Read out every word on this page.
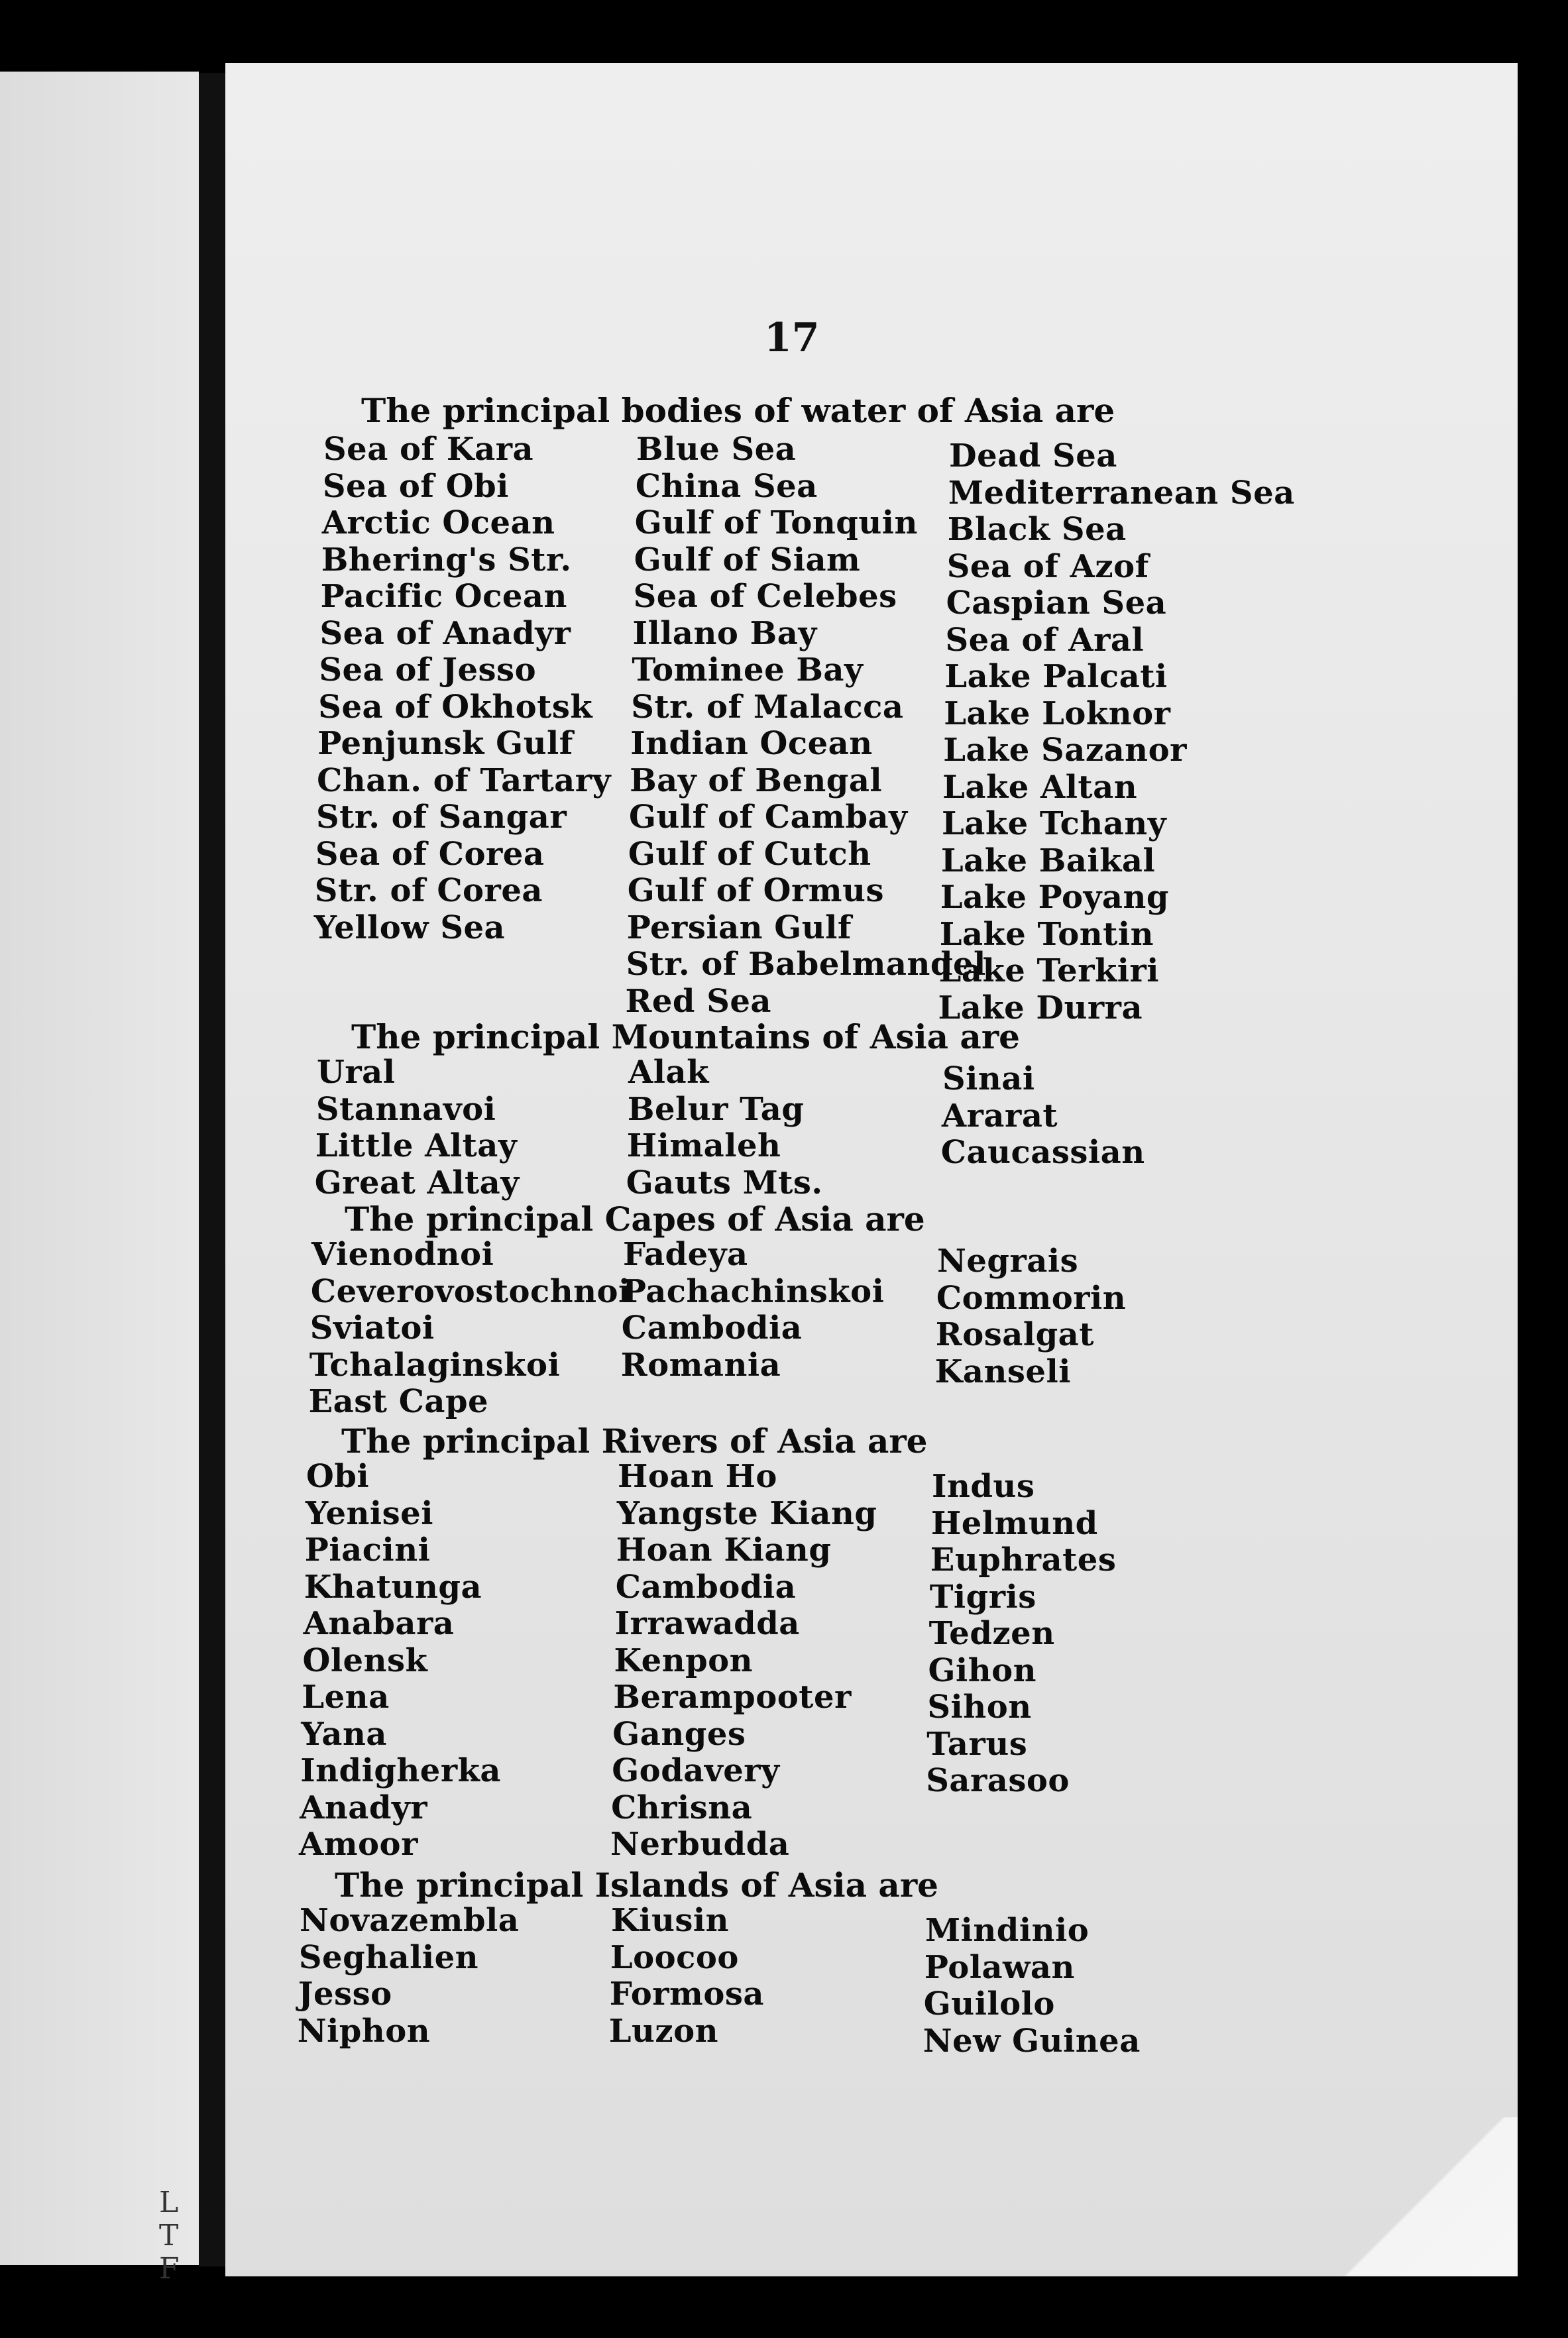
L
T
F
17
The principal bodies of water of Asia are
Sea of Kara
Sea of Obi
Arctic Ocean
Bhering's Str.
Pacific Ocean
Sea of Anadyr
Sea of Jesso
Sea of Okhotsk
Penjunsk Gulf
Chan. of Tartary
Str. of Sangar
Sea of Corea
Str. of Corea
Yellow Sea
Blue Sea
China Sea
Gulf of Tonquin
Gulf of Siam
Sea of Celebes
Illano Bay
Tominee Bay
Str. of Malacca
Indian Ocean
Bay of Bengal
Gulf of Cambay
Gulf of Cutch
Gulf of Ormus
Persian Gulf
Str. of Babelmandel
Red Sea
Dead Sea
Mediterranean Sea
Black Sea
Sea of Azof
Caspian Sea
Sea of Aral
Lake Palcati
Lake Loknor
Lake Sazanor
Lake Altan
Lake Tchany
Lake Baikal
Lake Poyang
Lake Tontin
Lake Terkiri
Lake Durra
The principal Mountains of Asia are
Ural
Stannavoi
Little Altay
Great Altay
Alak
Belur Tag
Himaleh
Gauts Mts.
Sinai
Ararat
Caucassian
The principal Capes of Asia are
Vienodnoi
Ceverovostochnoi
Sviatoi
Tchalaginskoi
East Cape
Fadeya
Pachachinskoi
Cambodia
Romania
Negrais
Commorin
Rosalgat
Kanseli
The principal Rivers of Asia are
Obi
Yenisei
Piacini
Khatunga
Anabara
Olensk
Lena
Yana
Indigherka
Anadyr
Amoor
Hoan Ho
Yangste Kiang
Hoan Kiang
Cambodia
Irrawadda
Kenpon
Berampooter
Ganges
Godavery
Chrisna
Nerbudda
Indus
Helmund
Euphrates
Tigris
Tedzen
Gihon
Sihon
Tarus
Sarasoo
The principal Islands of Asia are
Novazembla
Seghalien
Jesso
Niphon
Kiusin
Loocoo
Formosa
Luzon
Mindinio
Polawan
Guilolo
New Guinea
